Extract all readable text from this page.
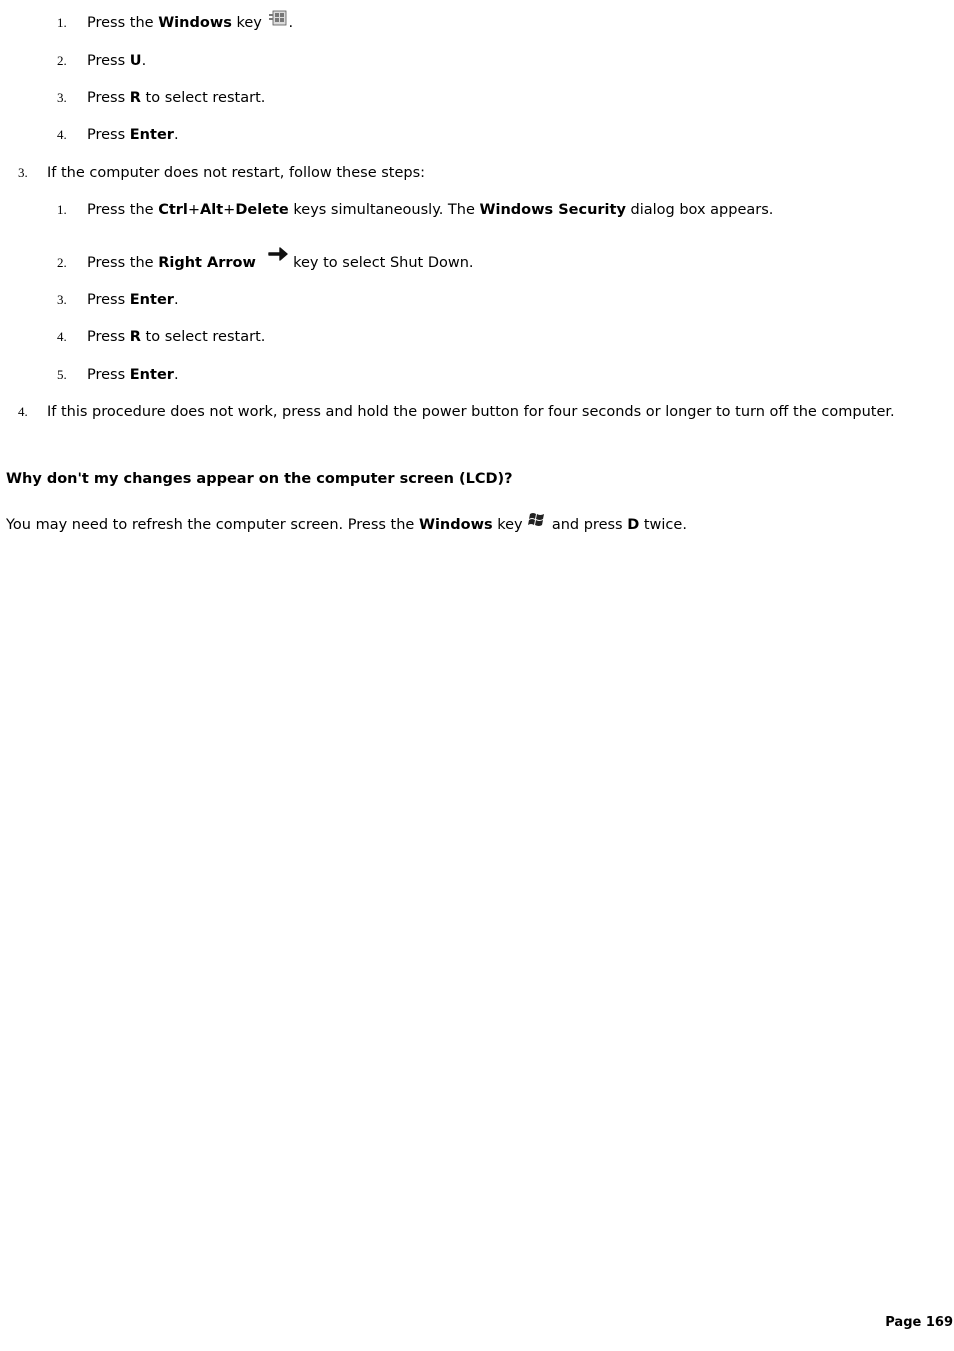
1. Press the Windows key .
2. Press U.
3. Press R to select restart.
4. Press Enter.
3. If the computer does not restart, follow these steps:
1. Press the Ctrl+Alt+Delete keys simultaneously. The Windows Security dialog box appears.
2. Press the Right Arrow  key to select Shut Down.
3. Press Enter.
4. Press R to select restart.
5. Press Enter.
4. If this procedure does not work, press and hold the power button for four seconds or longer to turn off the computer.
Why don't my changes appear on the computer screen (LCD)?
You may need to refresh the computer screen. Press the Windows key  and press D twice.
Page 169
